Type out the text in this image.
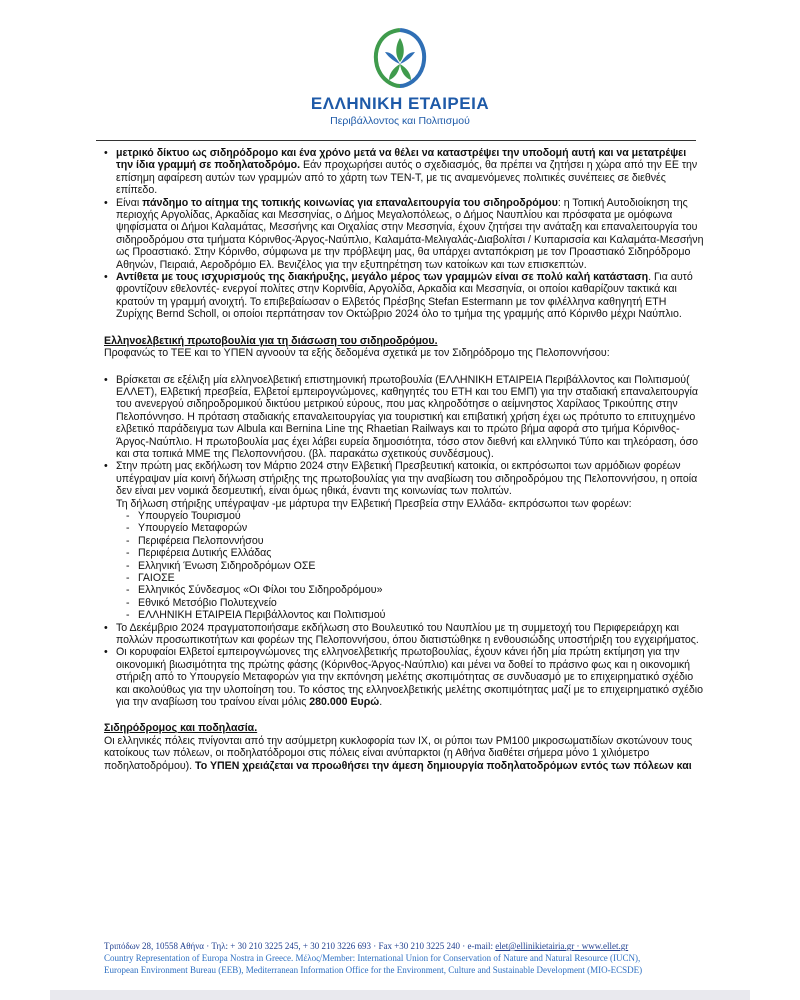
ΕΛΛΗΝΙΚΗ ΕΤΑΙΡΕΙΑ
Περιβάλλοντος και Πολιτισμού
• μετρικό δίκτυο ως σιδηρόδρομο και ένα χρόνο μετά να θέλει να καταστρέψει την υποδομή αυτή και να μετατρέψει την ίδια γραμμή σε ποδηλατοδρόμο. Εάν προχωρήσει αυτός ο σχεδιασμός, θα πρέπει να ζητήσει η χώρα από την ΕΕ την επίσημη αφαίρεση αυτών των γραμμών από το χάρτη των ΤΕΝ-Τ, με τις αναμενόμενες πολιτικές συνέπειες σε διεθνές επίπεδο.
• Είναι πάνδημο το αίτημα της τοπικής κοινωνίας για επαναλειτουργία του σιδηροδρόμου: η Τοπική Αυτοδιοίκηση της περιοχής Αργολίδας, Αρκαδίας και Μεσσηνίας, ο Δήμος Μεγαλοπόλεως, ο Δήμος Ναυπλίου και πρόσφατα με ομόφωνα ψηφίσματα οι Δήμοι Καλαμάτας, Μεσσήνης και Οιχαλίας στην Μεσσηνία, έχουν ζητήσει την ανάταξη και επαναλειτουργία του σιδηροδρόμου στα τμήματα Κόρινθος-Άργος-Ναύπλιο, Καλαμάτα-Μελιγαλάς-Διαβολίτσι / Κυπαρισσία και Καλαμάτα-Μεσσήνη ως Προαστιακό. Στην Κόρινθο, σύμφωνα με την πρόβλεψη μας, θα υπάρχει ανταπόκριση με τον Προαστιακό Σιδηρόδρομο Αθηνών, Πειραιά, Αεροδρόμιο Ελ. Βενιζέλος για την εξυπηρέτηση των κατοίκων και των επισκεπτών.
• Αντίθετα με τους ισχυρισμούς της διακήρυξης, μεγάλο μέρος των γραμμών είναι σε πολύ καλή κατάσταση. Για αυτό φροντίζουν εθελοντές- ενεργοί πολίτες στην Κορινθία, Αργολίδα, Αρκαδία και Μεσσηνία, οι οποίοι καθαρίζουν τακτικά και κρατούν τη γραμμή ανοιχτή. Το επιβεβαίωσαν ο Ελβετός Πρέσβης Stefan Estermann με τον φιλέλληνα καθηγητή ΕΤΗ Ζυρίχης Bernd Scholl, οι οποίοι περπάτησαν τον Οκτώβριο 2024 όλο το τμήμα της γραμμής από Κόρινθο μέχρι Ναύπλιο.

Ελληνοελβετική πρωτοβουλία για τη διάσωση του σιδηροδρόμου.

Προφανώς το ΤΕΕ και το ΥΠΕΝ αγνοούν τα εξής δεδομένα σχετικά με τον Σιδηρόδρομο της Πελοποννήσου:

• Βρίσκεται σε εξέλιξη μία ελληνοελβετική επιστημονική πρωτοβουλία (ΕΛΛΗΝΙΚΗ ΕΤΑΙΡΕΙΑ Περιβάλλοντος και Πολιτισμού( ΕΛΛΕΤ), Ελβετική πρεσβεία, Ελβετοί εμπειρογνώμονες, καθηγητές του ΕΤΗ και του ΕΜΠ) για την σταδιακή επαναλειτουργία του ανενεργού σιδηροδρομικού δικτύου μετρικού εύρους, που μας κληροδότησε ο αείμνηστος Χαρίλαος Τρικούπης στην Πελοπόννησο. Η πρόταση σταδιακής επαναλειτουργίας για τουριστική και επιβατική χρήση έχει ως πρότυπο το επιτυχημένο ελβετικό παράδειγμα των Albula και Bernina Line της Rhaetian Railways και το πρώτο βήμα αφορά στο τμήμα Κόρινθος-Άργος-Ναύπλιο. Η πρωτοβουλία μας έχει λάβει ευρεία δημοσιότητα, τόσο στον διεθνή και ελληνικό Τύπο και τηλεόραση, όσο και στα τοπικά ΜΜΕ της Πελοποννήσου. (βλ. παρακάτω σχετικούς συνδέσμους).
• Στην πρώτη μας εκδήλωση τον Μάρτιο 2024 στην Ελβετική Πρεσβευτική κατοικία, οι εκπρόσωποι των αρμόδιων φορέων υπέγραψαν μία κοινή δήλωση στήριξης της πρωτοβουλίας για την αναβίωση του σιδηροδρόμου της Πελοποννήσου, η οποία δεν είναι μεν νομικά δεσμευτική, είναι όμως ηθικά, έναντι της κοινωνίας των πολιτών.
Τη δήλωση στήριξης υπέγραψαν -με μάρτυρα την Ελβετική Πρεσβεία στην Ελλάδα- εκπρόσωποι των φορέων:
- Υπουργείο Τουρισμού
- Υπουργείο Μεταφορών
- Περιφέρεια Πελοποννήσου
- Περιφέρεια Δυτικής Ελλάδας
- Ελληνική Ένωση Σιδηροδρόμων ΟΣΕ
- ΓΑΙΟΣΕ
- Ελληνικός Σύνδεσμος «Οι Φίλοι του Σιδηροδρόμου»
- Εθνικό Μετσόβιο Πολυτεχνείο
- ΕΛΛΗΝΙΚΗ ΕΤΑΙΡΕΙΑ Περιβάλλοντος και Πολιτισμού
• Το Δεκέμβριο 2024 πραγματοποιήσαμε εκδήλωση στο Βουλευτικό του Ναυπλίου με τη συμμετοχή του Περιφερειάρχη και πολλών προσωπικοτήτων και φορέων της Πελοποννήσου, όπου διατιστώθηκε η ενθουσιώδης υποστήριξη του εγχειρήματος.
• Οι κορυφαίοι Ελβετοί εμπειρογνώμονες της ελληνοελβετικής πρωτοβουλίας, έχουν κάνει ήδη μία πρώτη εκτίμηση για την οικονομική βιωσιμότητα της πρώτης φάσης (Κόρινθος-Άργος-Ναύπλιο) και μένει να δοθεί το πράσινο φως και η οικονομική στήριξη από το Υπουργείο Μεταφορών για την εκπόνηση μελέτης σκοπιμότητας σε συνδυασμό με το επιχειρηματικό σχέδιο και ακολούθως για την υλοποίηση του. Το κόστος της ελληνοελβετικής μελέτης σκοπιμότητας μαζί με το επιχειρηματικό σχέδιο για την αναβίωση του τραίνου είναι μόλις 280.000 Ευρώ.

Σιδηρόδρομος και ποδηλασία.

Οι ελληνικές πόλεις πνίγονται από την ασύμμετρη κυκλοφορία των ΙΧ, οι ρύποι των ΡΜ100 μικροσωματιδίων σκοτώνουν τους κατοίκους των πόλεων, οι ποδηλατόδρομοι στις πόλεις είναι ανύπαρκτοι (η Αθήνα διαθέτει σήμερα μόνο 1 χιλιόμετρο ποδηλατοδρόμου). Το ΥΠΕΝ χρειάζεται να προωθήσει την άμεση δημιουργία ποδηλατοδρόμων εντός των πόλεων και

Τριπόδων 28, 10558 Αθήνα · Τηλ: + 30 210 3225 245, + 30 210 3226 693 · Fax +30 210 3225 240 · e-mail: elet@ellinikietairia.gr · www.ellet.gr
Country Representation of Europa Nostra in Greece. Μέλος/Member: International Union for Conservation of Nature and Natural Resource (IUCN),
European Environment Bureau (EEB), Mediterranean Information Office for the Environment, Culture and Sustainable Development (MIO-ECSDE)
